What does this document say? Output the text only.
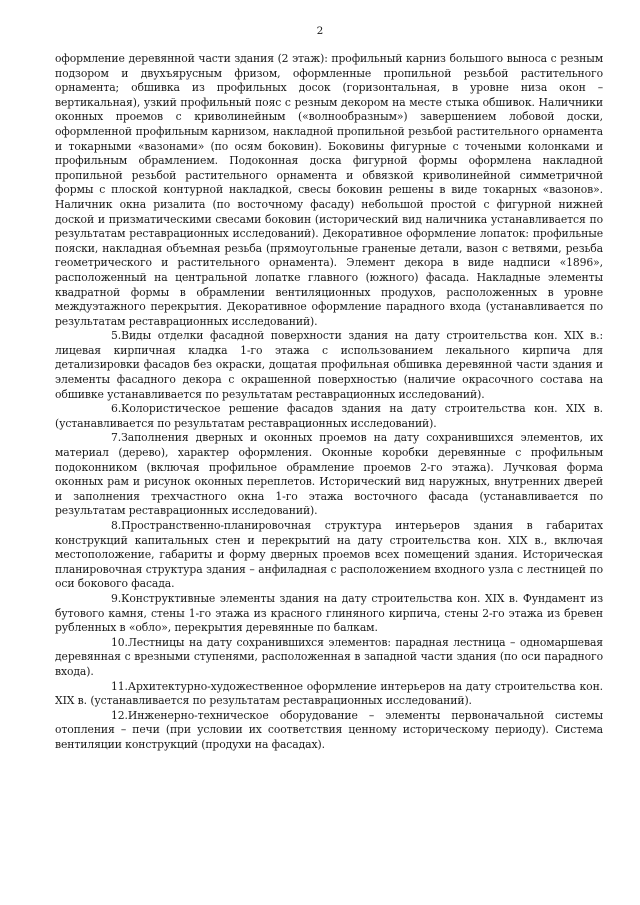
2

оформление деревянной части здания (2 этаж): профильный карниз большого выноса с резным подзором и двухъярусным фризом, оформленные пропильной резьбой растительного орнамента; обшивка из профильных досок (горизонтальная, в уровне низа окон – вертикальная), узкий профильный пояс с резным декором на месте стыка обшивок. Наличники оконных проемов с криволинейным («волнообразным») завершением лобовой доски, оформленной профильным карнизом, накладной пропильной резьбой растительного орнамента и токарными «вазонами» (по осям боковин). Боковины фигурные с точеными колонками и профильным обрамлением. Подоконная доска фигурной формы оформлена накладной пропильной резьбой растительного орнамента и обвязкой криволинейной симметричной формы с плоской контурной накладкой, свесы боковин решены в виде токарных «вазонов». Наличник окна ризалита (по восточному фасаду) небольшой простой с фигурной нижней доской и призматическими свесами боковин (исторический вид наличника устанавливается по результатам реставрационных исследований). Декоративное оформление лопаток: профильные пояски, накладная объемная резьба (прямоугольные граненые детали, вазон с ветвями, резьба геометрического и растительного орнамента). Элемент декора в виде надписи «1896», расположенный на центральной лопатке главного (южного) фасада. Накладные элементы квадратной формы в обрамлении вентиляционных продухов, расположенных в уровне междуэтажного перекрытия. Декоративное оформление парадного входа (устанавливается по результатам реставрационных исследований).

5.Виды отделки фасадной поверхности здания на дату строительства кон. XIX в.: лицевая кирпичная кладка 1-го этажа с использованием лекального кирпича для детализировки фасадов без окраски, дощатая профильная обшивка деревянной части здания и элементы фасадного декора с окрашенной поверхностью (наличие окрасочного состава на обшивке устанавливается по результатам реставрационных исследований).

6.Колористическое решение фасадов здания на дату строительства кон. XIX в. (устанавливается по результатам реставрационных исследований).

7.Заполнения дверных и оконных проемов на дату сохранившихся элементов, их материал (дерево), характер оформления. Оконные коробки деревянные с профильным подоконником (включая профильное обрамление проемов 2-го этажа). Лучковая форма оконных рам и рисунок оконных переплетов. Исторический вид наружных, внутренних дверей и заполнения трехчастного окна 1-го этажа восточного фасада (устанавливается по результатам реставрационных исследований).

8.Пространственно-планировочная структура интерьеров здания в габаритах конструкций капитальных стен и перекрытий на дату строительства кон. XIX в., включая местоположение, габариты и форму дверных проемов всех помещений здания. Историческая планировочная структура здания – анфиладная с расположением входного узла с лестницей по оси бокового фасада.

9.Конструктивные элементы здания на дату строительства кон. XIX в. Фундамент из бутового камня, стены 1-го этажа из красного глиняного кирпича, стены 2-го этажа из бревен рубленных в «обло», перекрытия деревянные по балкам.

10.Лестницы на дату сохранившихся элементов: парадная лестница – одномаршевая деревянная с врезными ступенями, расположенная в западной части здания (по оси парадного входа).

11.Архитектурно-художественное оформление интерьеров на дату строительства кон. XIX в. (устанавливается по результатам реставрационных исследований).

12.Инженерно-техническое оборудование – элементы первоначальной системы отопления – печи (при условии их соответствия ценному историческому периоду). Система вентиляции конструкций (продухи на фасадах).
